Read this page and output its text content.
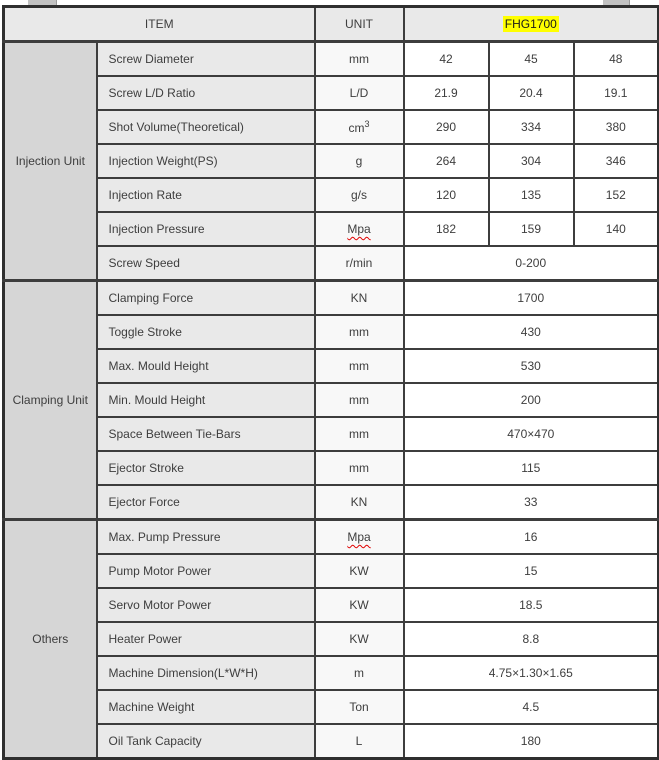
ITEM		UNIT	FHG1700		
Injection Unit	Screw Diameter	mm	42	45	48
	Screw L/D Ratio	L/D	21.9	20.4	19.1
	Shot Volume(Theoretical)	$cm^3$	290	334	380
	Injection Weight(PS)	g	264	304	346
	Injection Rate	g/s	120	135	152
	Injection Pressure	Mpa	182	159	140
	Screw Speed	r/min	0-200		
Clamping Unit	Clamping Force	KN	1700		
	Toggle Stroke	mm	430		
	Max. Mould Height	mm	530		
	Min. Mould Height	mm	200		
	Space Between Tie-Bars	mm	470×470		
	Ejector Stroke	mm	115		
	Ejector Force	KN	33		
Others	Max. Pump Pressure	Mpa	16		
	Pump Motor Power	KW	15		
	Servo Motor Power	KW	18.5		
	Heater Power	KW	8.8		
	Machine Dimension(L*W*H)	m	4.75×1.30×1.65		
	Machine Weight	Ton	4.5		
	Oil Tank Capacity	L	180		
